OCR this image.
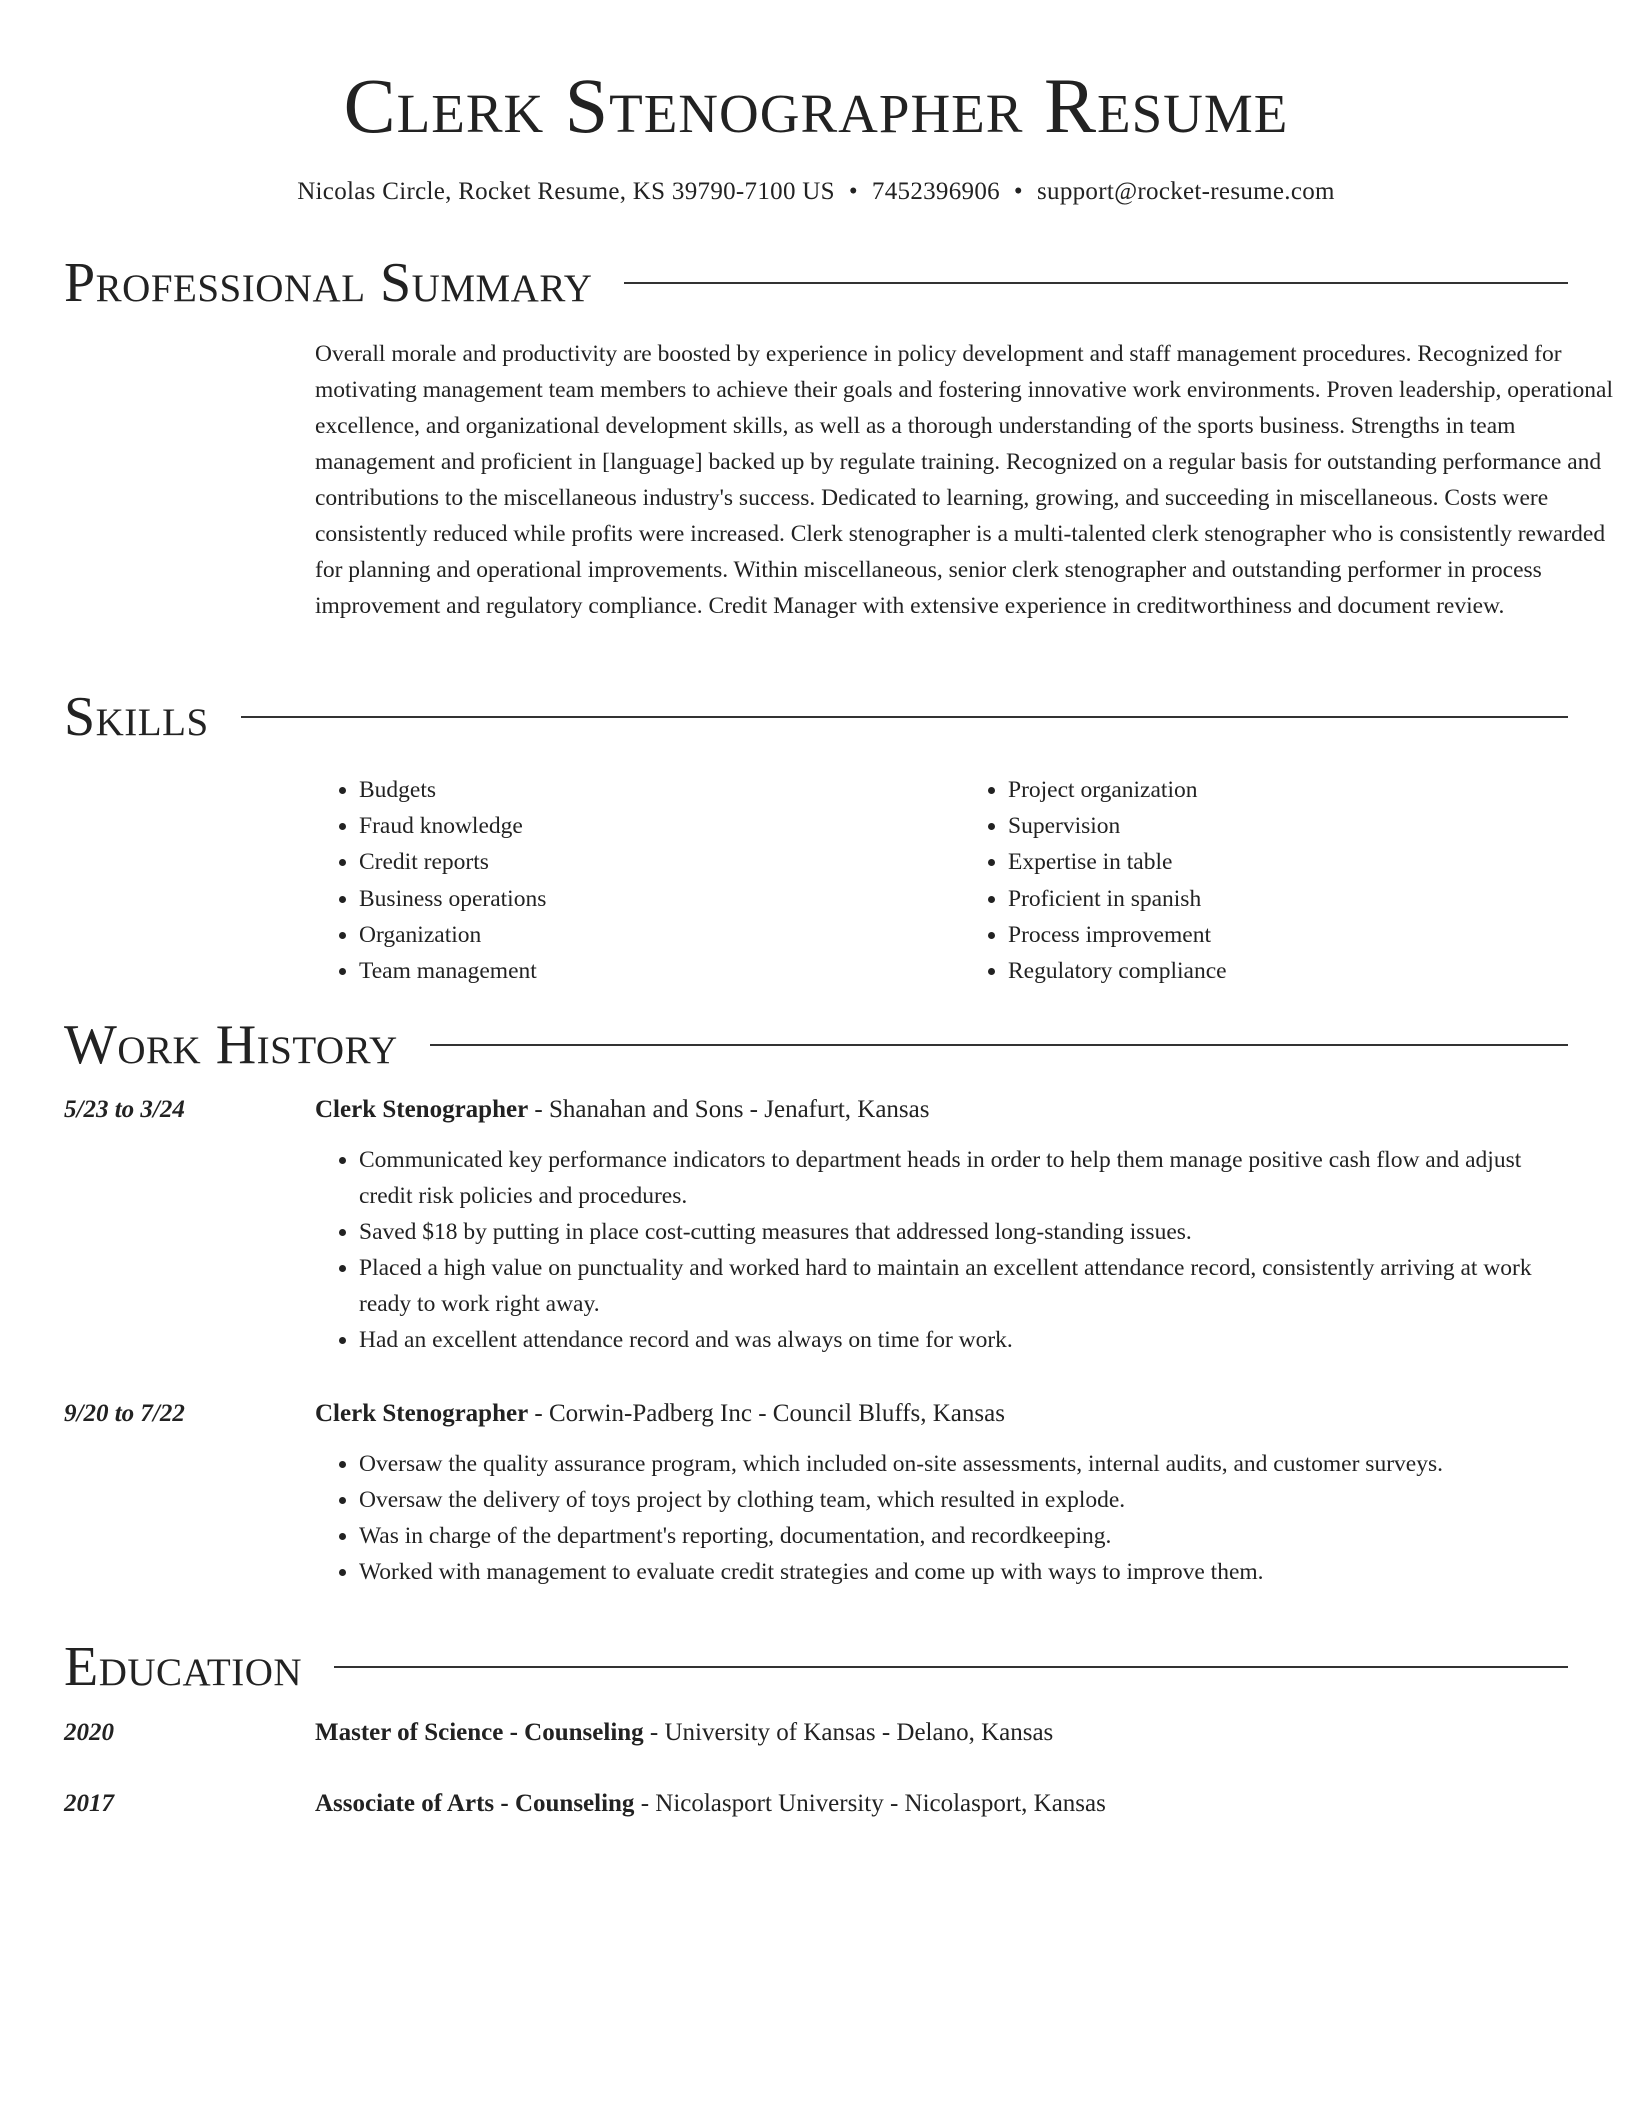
Clerk Stenographer Resume
Nicolas Circle, Rocket Resume, KS 39790-7100 US • 7452396906 • support@rocket-resume.com
Professional Summary

Overall morale and productivity are boosted by experience in policy development and staff management procedures. Recognized for motivating management team members to achieve their goals and fostering innovative work environments. Proven leadership, operational excellence, and organizational development skills, as well as a thorough understanding of the sports business. Strengths in team management and proficient in [language] backed up by regulate training. Recognized on a regular basis for outstanding performance and contributions to the miscellaneous industry's success. Dedicated to learning, growing, and succeeding in miscellaneous. Costs were consistently reduced while profits were increased. Clerk stenographer is a multi-talented clerk stenographer who is consistently rewarded for planning and operational improvements. Within miscellaneous, senior clerk stenographer and outstanding performer in process improvement and regulatory compliance. Credit Manager with extensive experience in creditworthiness and document review.

Skills
• Budgets
• Fraud knowledge
• Credit reports
• Business operations
• Organization
• Team management
• Project organization
• Supervision
• Expertise in table
• Proficient in spanish
• Process improvement
• Regulatory compliance
Work History
5/23 to 3/24	Clerk Stenographer - Shanahan and Sons - Jenafurt, Kansas
• Communicated key performance indicators to department heads in order to help them manage positive cash flow and adjust credit risk policies and procedures.
• Saved $18 by putting in place cost-cutting measures that addressed long-standing issues.
• Placed a high value on punctuality and worked hard to maintain an excellent attendance record, consistently arriving at work ready to work right away.
• Had an excellent attendance record and was always on time for work.
9/20 to 7/22	Clerk Stenographer - Corwin-Padberg Inc - Council Bluffs, Kansas
• Oversaw the quality assurance program, which included on-site assessments, internal audits, and customer surveys.
• Oversaw the delivery of toys project by clothing team, which resulted in explode.
• Was in charge of the department's reporting, documentation, and recordkeeping.
• Worked with management to evaluate credit strategies and come up with ways to improve them.
Education
2020	Master of Science - Counseling - University of Kansas - Delano, Kansas
2017	Associate of Arts - Counseling - Nicolasport University - Nicolasport, Kansas
